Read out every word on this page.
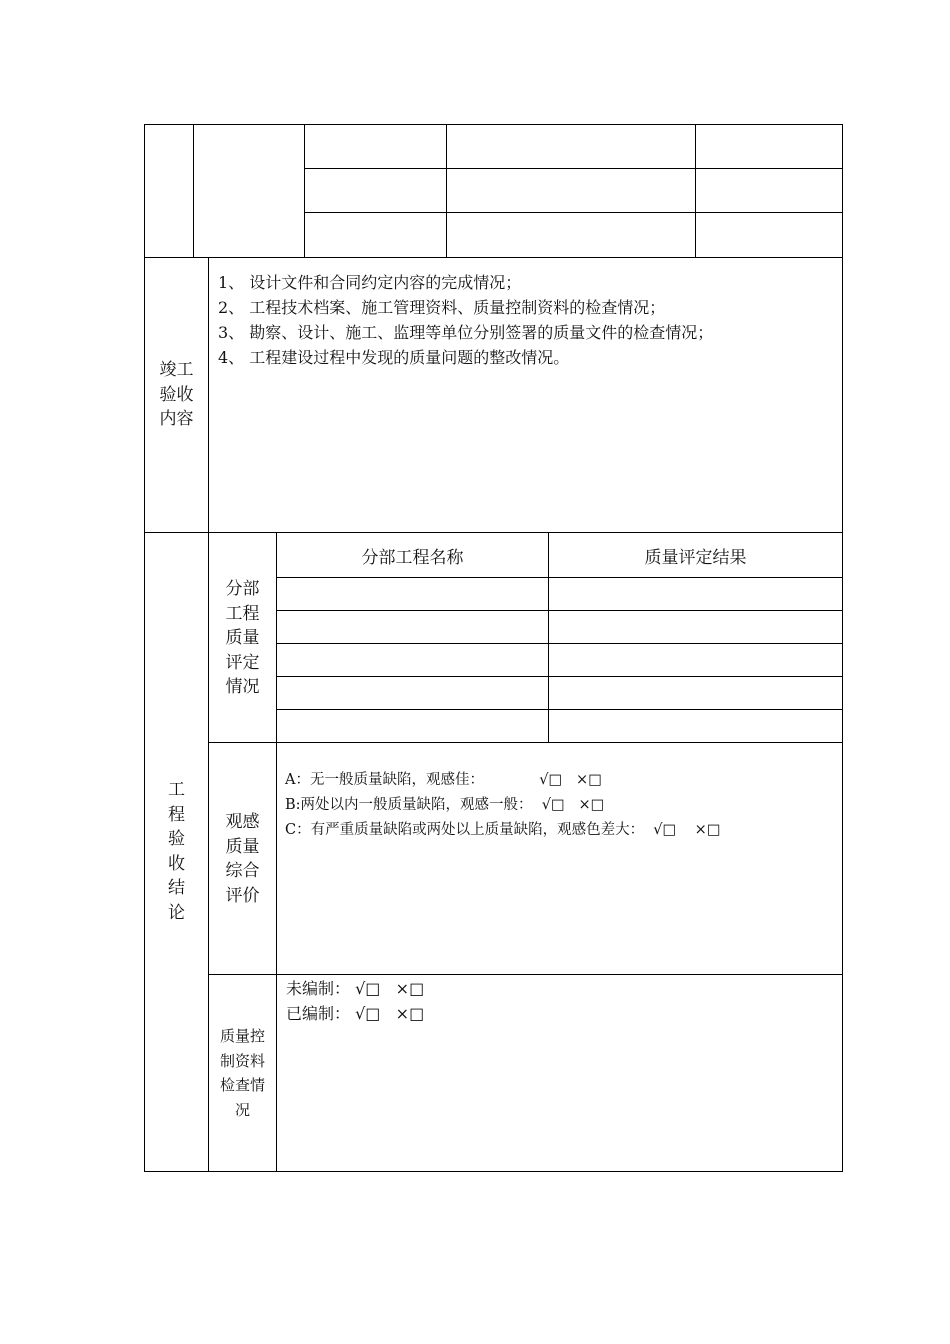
竣工
验收
内容
1、 设计文件和合同约定内容的完成情况；
2、 工程技术档案、施工管理资料、质量控制资料的检查情况；
3、 勘察、设计、施工、监理等单位分别签署的质量文件的检查情况；
4、 工程建设过程中发现的质量问题的整改情况。
工
程
验
收
结
论
分部
工程
质量
评定
情况
分部工程名称	质量评定结果
观感
质量
综合
评价
A：无一般质量缺陷，观感佳：            √□   ×□
B:两处以内一般质量缺陷，观感一般：  √□   ×□
C：有严重质量缺陷或两处以上质量缺陷，观感色差大：  √□    ×□
质量控
制资料
检查情
况
未编制： √□   ×□
已编制： √□   ×□
